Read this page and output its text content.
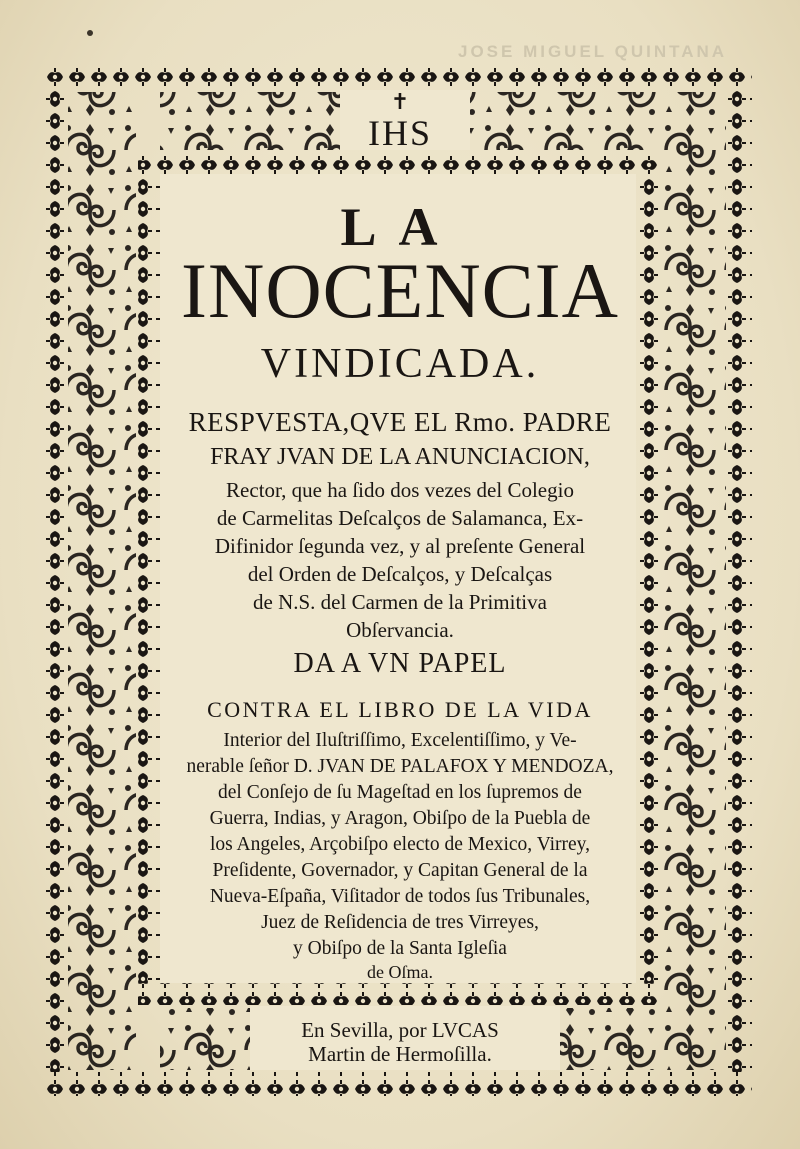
JOSE MIGUEL QUINTANA
✝
IHS
LA
INOCENCIA
VINDICADA.
RESPVESTA,QVE EL Rmo. PADRE
FRAY JVAN DE LA ANUNCIACION,
Rector, que ha ſido dos vezes del Colegio
de Carmelitas Deſcalços de Salamanca, Ex-
Difinidor ſegunda vez, y al preſente General
del Orden de Deſcalços, y Deſcalças
de N.S. del Carmen de la Primitiva
Obſervancia.
DA A VN PAPEL
CONTRA EL LIBRO DE LA VIDA
Interior del Iluſtriſſimo, Excelentiſſimo, y Ve-
nerable ſeñor D. JVAN DE PALAFOX Y MENDOZA,
del Conſejo de ſu Mageſtad en los ſupremos de
Guerra, Indias, y Aragon, Obiſpo de la Puebla de
los Angeles, Arçobiſpo electo de Mexico, Virrey,
Preſidente, Governador, y Capitan General de la
Nueva-Eſpaña, Viſitador de todos ſus Tribunales,
Juez de Reſidencia de tres Virreyes,
y Obiſpo de la Santa Igleſia
de Oſma.
En Sevilla, por LVCAS
Martin de Hermoſilla.
